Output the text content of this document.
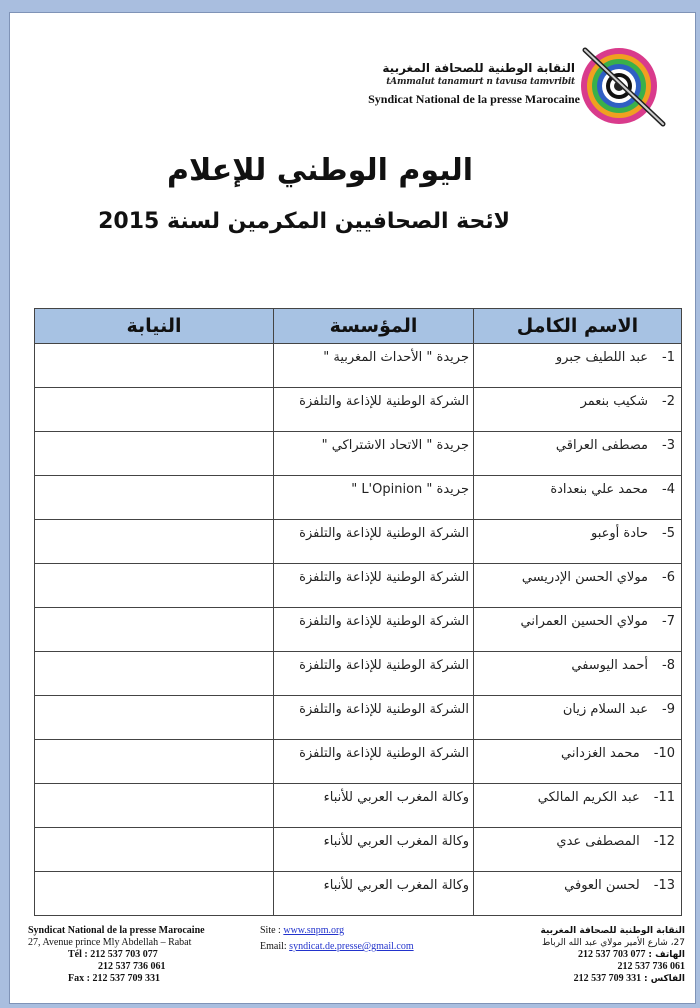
النقابة الوطنية للصحافة المغربية
tAmmalut tanamurt n tavusa tamvribit
Syndicat National de la presse Marocaine
اليوم الوطني للإعلام
لائحة الصحافيين المكرمين لسنة 2015
الاسم الكامل	المؤسسة	النيابة

1-عبد اللطيف جبرو	جريدة " الأحداث المغربية "	

2-شكيب بنعمر	الشركة الوطنية للإذاعة والتلفزة	

3-مصطفى العراقي	جريدة " الاتحاد الاشتراكي "	

4-محمد علي بنعدادة	جريدة " L'Opinion "	

5-حادة أوعبو	الشركة الوطنية للإذاعة والتلفزة	

6-مولاي الحسن الإدريسي	الشركة الوطنية للإذاعة والتلفزة	

7-مولاي الحسين العمراني	الشركة الوطنية للإذاعة والتلفزة	

8-أحمد اليوسفي	الشركة الوطنية للإذاعة والتلفزة	

9-عبد السلام زيان	الشركة الوطنية للإذاعة والتلفزة	

10-محمد الغزداني	الشركة الوطنية للإذاعة والتلفزة	

11-عبد الكريم المالكي	وكالة المغرب العربي للأنباء	

12-المصطفى عدي	وكالة المغرب العربي للأنباء	

13-لحسن العوفي	وكالة المغرب العربي للأنباء	

Syndicat National de la presse Marocaine
27, Avenue prince Mly Abdellah – Rabat
Tél : 212 537 703 077
212 537 736 061
Fax : 212 537 709 331
Site : www.snpm.org
Email: syndicat.de.presse@gmail.com
النقابة الوطنية للصحافة المغربية
27، شارع الأمير مولاي عبد الله الرباط
الهاتف : 212 537 703 077
212 537 736 061
الفاكس : 212 537 709 331
